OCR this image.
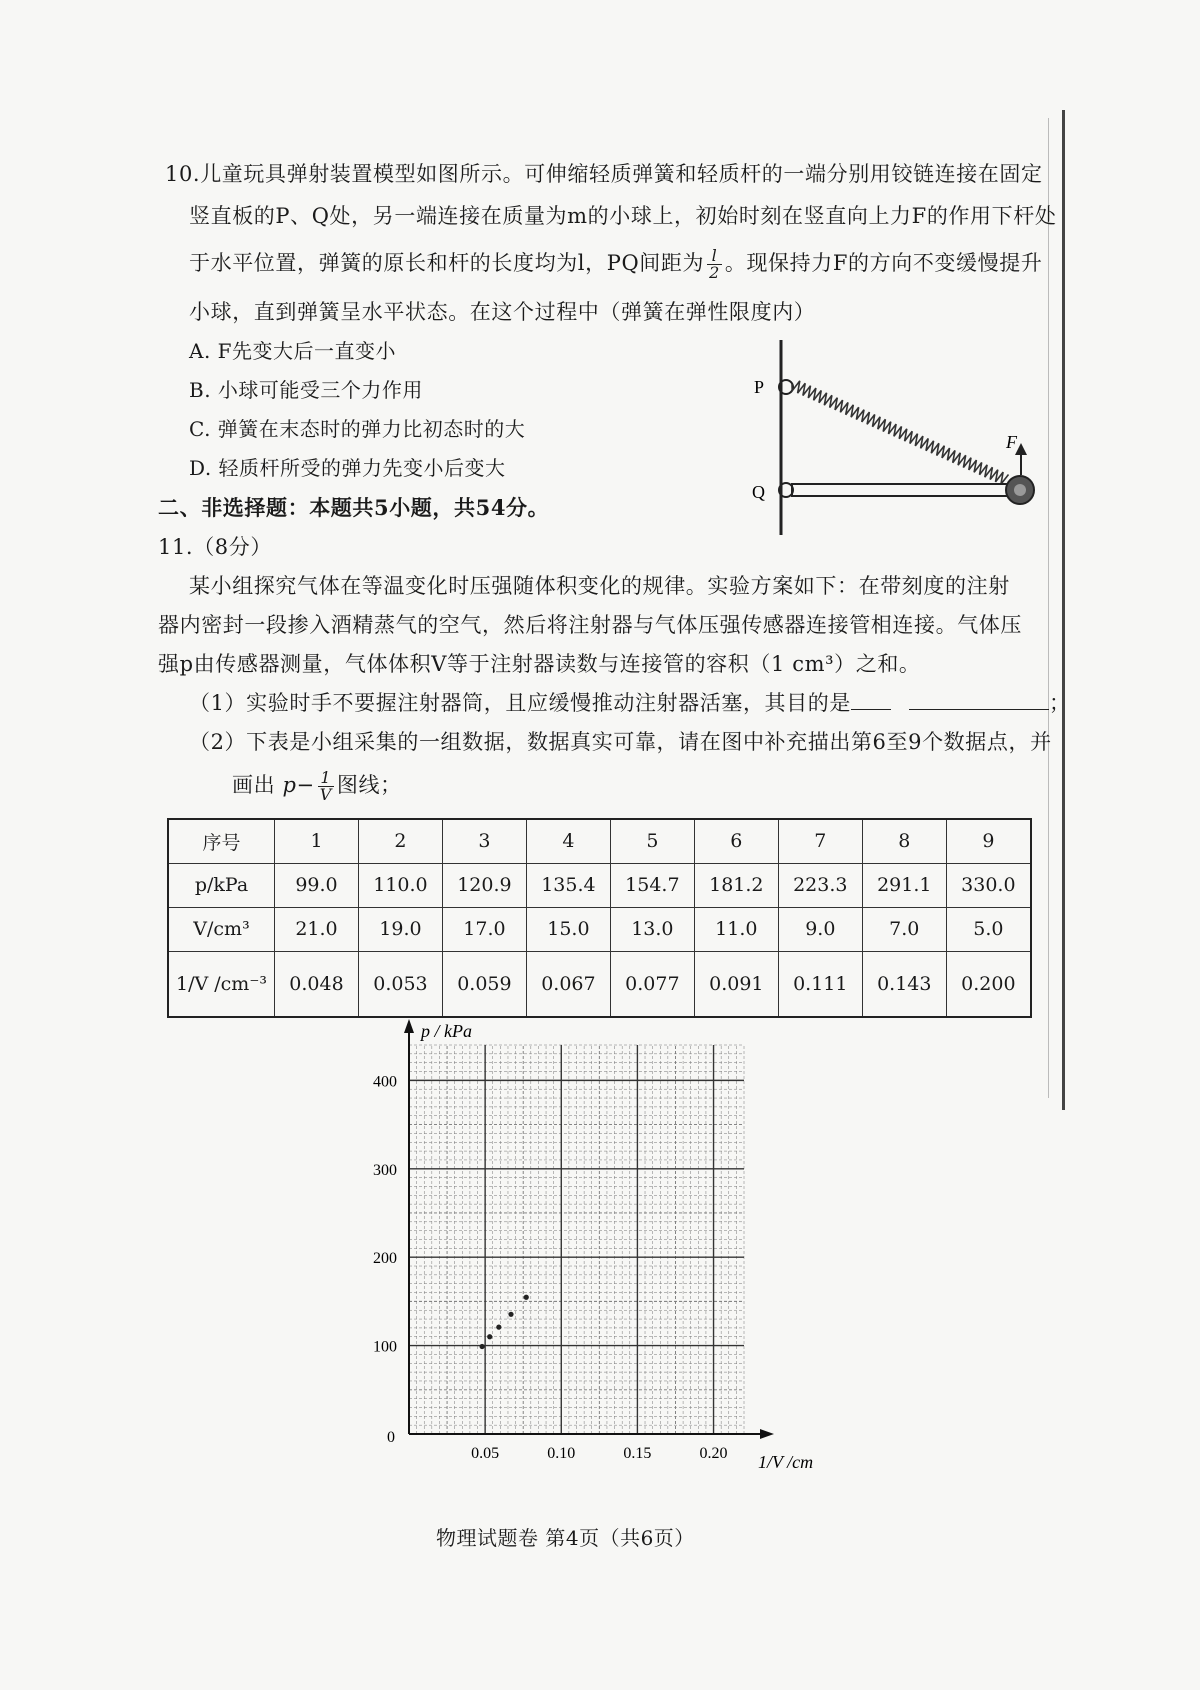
10.儿童玩具弹射装置模型如图所示。可伸缩轻质弹簧和轻质杆的一端分别用铰链连接在固定
竖直板的P、Q处，另一端连接在质量为m的小球上，初始时刻在竖直向上力F的作用下杆处
于水平位置，弹簧的原长和杆的长度均为l，PQ间距为 $\frac{l}{2}$ 。现保持力F的方向不变缓慢提升
小球，直到弹簧呈水平状态。在这个过程中（弹簧在弹性限度内）
A. F先变大后一直变小
B. 小球可能受三个力作用
C. 弹簧在末态时的弹力比初态时的大
D. 轻质杆所受的弹力先变小后变大
P
Q
F
二、非选择题：本题共5小题，共54分。
11.（8分）
某小组探究气体在等温变化时压强随体积变化的规律。实验方案如下：在带刻度的注射
器内密封一段掺入酒精蒸气的空气，然后将注射器与气体压强传感器连接管相连接。气体压
强p由传感器测量，气体体积V等于注射器读数与连接管的容积（1 cm³）之和。
（1）实验时手不要握注射器筒，且应缓慢推动注射器活塞，其目的是	；
（2）下表是小组采集的一组数据，数据真实可靠，请在图中补充描出第6至9个数据点，并
画出 $p- \frac{1}{V}$ 图线；
序号	1	2	3	4	5	6	7	8	9
p/kPa	99.0	110.0	120.9	135.4	154.7	181.2	223.3	291.1	330.0
V/cm³	21.0	19.0	17.0	15.0	13.0	11.0	9.0	7.0	5.0
1/V /cm⁻³	0.048	0.053	0.059	0.067	0.077	0.091	0.111	0.143	0.200
100
200
300
400
0.05	0.10	0.15	0.20
0
p / kPa
1/V /cm
物理试题卷 第4页（共6页）
